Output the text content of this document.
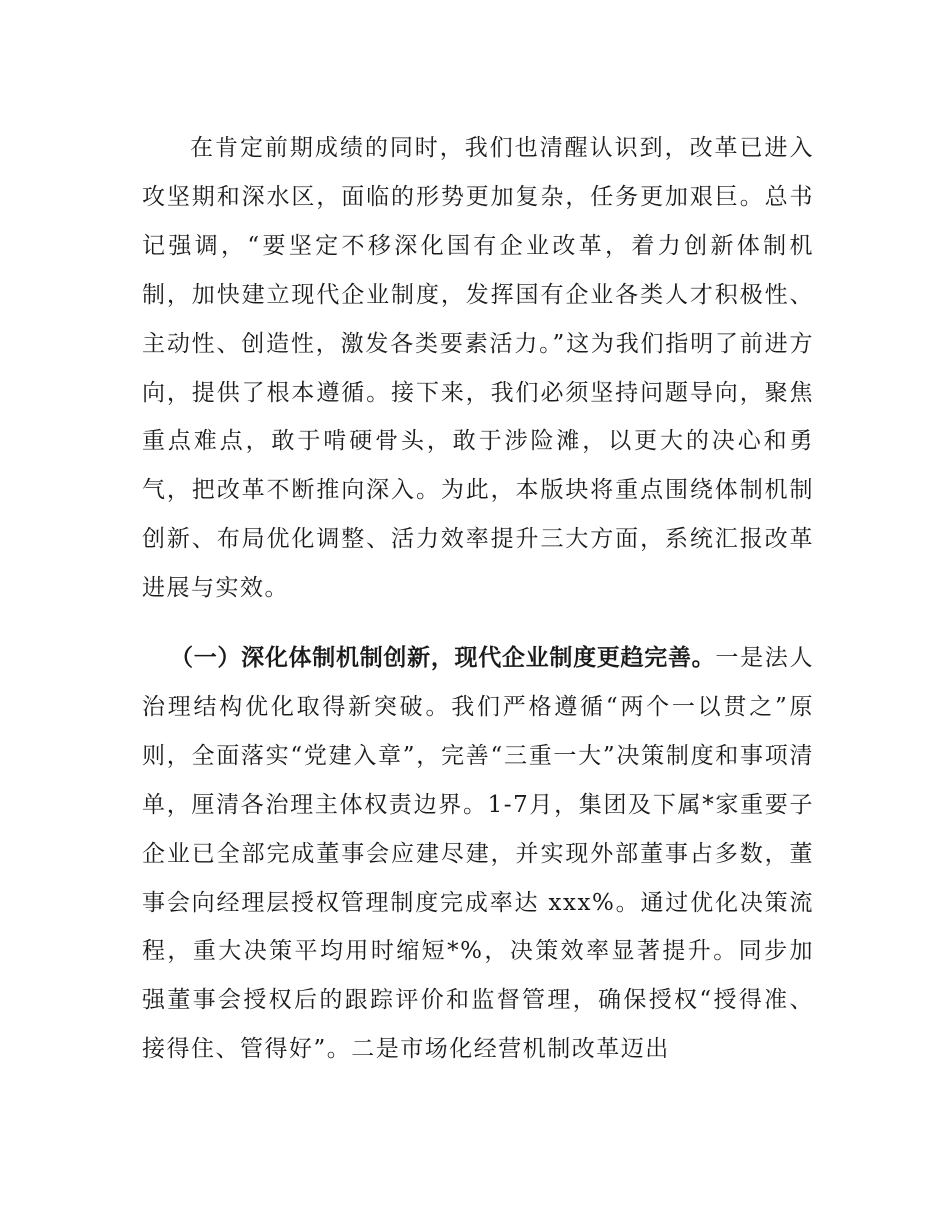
在肯定前期成绩的同时，我们也清醒认识到，改革已进入攻坚期和深水区，面临的形势更加复杂，任务更加艰巨。总书记强调，“要坚定不移深化国有企业改革，着力创新体制机制，加快建立现代企业制度，发挥国有企业各类人才积极性、主动性、创造性，激发各类要素活力。”这为我们指明了前进方向，提供了根本遵循。接下来，我们必须坚持问题导向，聚焦重点难点，敢于啃硬骨头，敢于涉险滩，以更大的决心和勇气，把改革不断推向深入。为此，本版块将重点围绕体制机制创新、布局优化调整、活力效率提升三大方面，系统汇报改革进展与实效。

（一）深化体制机制创新，现代企业制度更趋完善。一是法人治理结构优化取得新突破。我们严格遵循“两个一以贯之”原则，全面落实“党建入章”，完善“三重一大”决策制度和事项清单，厘清各治理主体权责边界。1-7月，集团及下属*家重要子企业已全部完成董事会应建尽建，并实现外部董事占多数，董事会向经理层授权管理制度完成率达 xxx%。通过优化决策流程，重大决策平均用时缩短*%，决策效率显著提升。同步加强董事会授权后的跟踪评价和监督管理，确保授权“授得准、接得住、管得好”。二是市场化经营机制改革迈出
